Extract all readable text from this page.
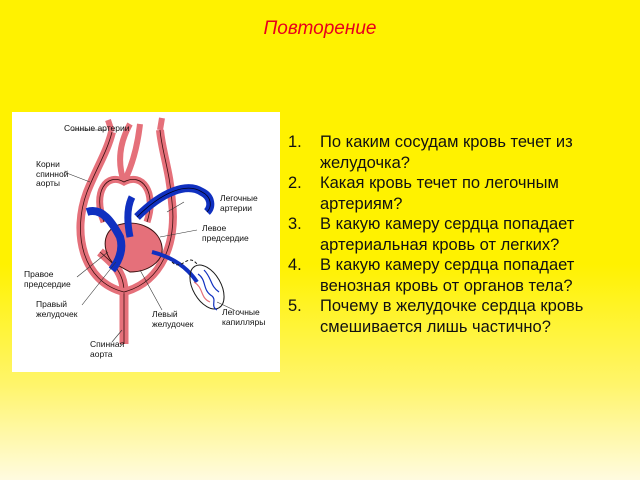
Повторение
Сонные артерии
Корни
спинной
аорты
Легочные
артерии
Левое
предсердие
Правое
предсердие
Правый
желудочек	Левый
желудочек
Легочные
капилляры
Спинная
аорта
1. По каким сосудам кровь течет из желудочка?
2. Какая кровь течет по легочным артериям?
3. В какую камеру сердца попадает артериальная кровь от легких?
4. В какую камеру сердца попадает венозная кровь от органов тела?
5. Почему в желудочке сердца кровь смешивается лишь частично?
